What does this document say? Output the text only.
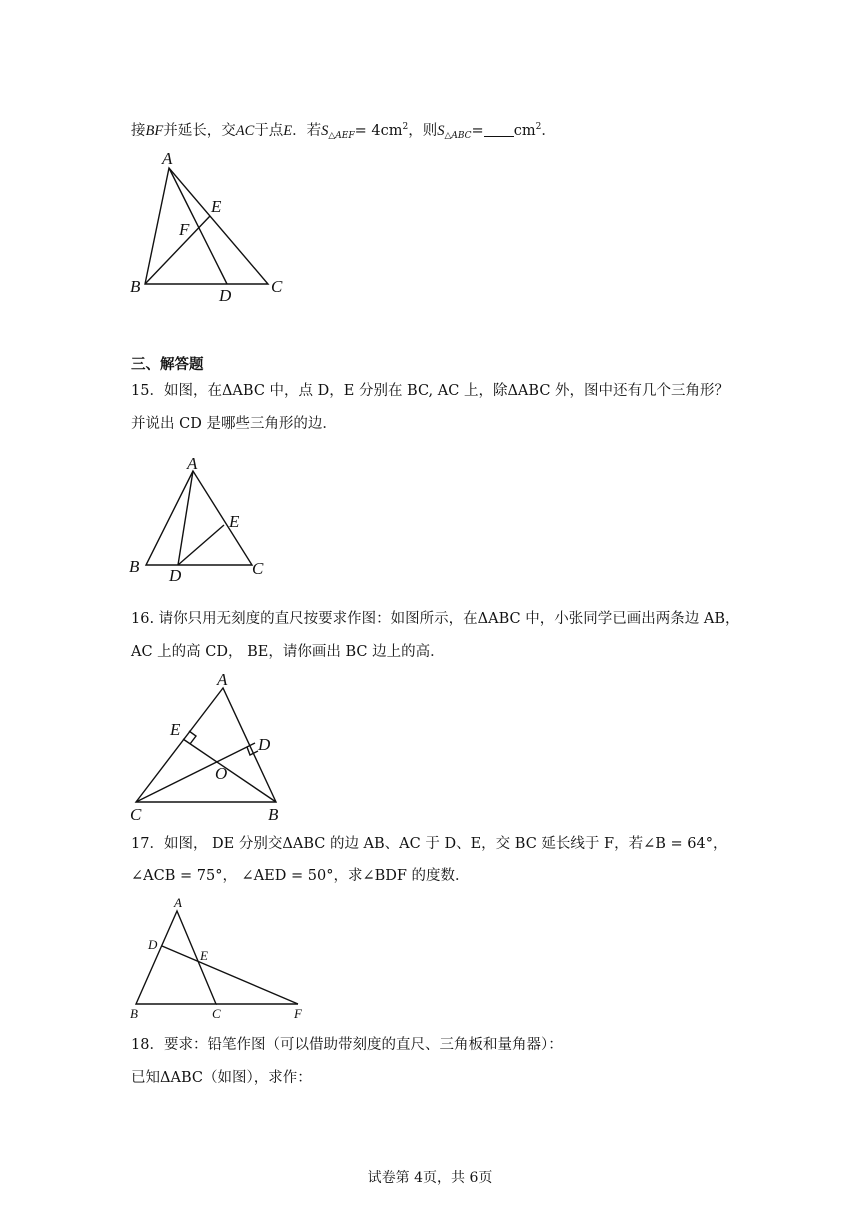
接BF并延长，交AC于点E．若$S_{\triangle AEF}= 4cm^2$，则$S_{\triangle ABC}= cm^2$．
A
E
F
B	D C
三、解答题
15．如图，在ΔABC 中，点 D，E 分别在 BC, AC 上，除ΔABC 外，图中还有几个三角形？
并说出 CD 是哪些三角形的边．
A
E
B D	C
16. 请你只用无刻度的直尺按要求作图：如图所示，在ΔABC 中，小张同学已画出两条边 AB，
AC 上的高 CD， BE，请你画出 BC 边上的高．
A
E
D
O
C	B
17．如图， DE 分别交ΔABC 的边 AB、AC 于 D、E，交 BC 延长线于 F，若∠B = 64°，
∠ACB = 75°， ∠AED = 50°，求∠BDF 的度数．
A
D
E
B	C	F
18．要求：铅笔作图（可以借助带刻度的直尺、三角板和量角器）：
已知ΔABC（如图），求作：
试卷第 4页，共 6页
